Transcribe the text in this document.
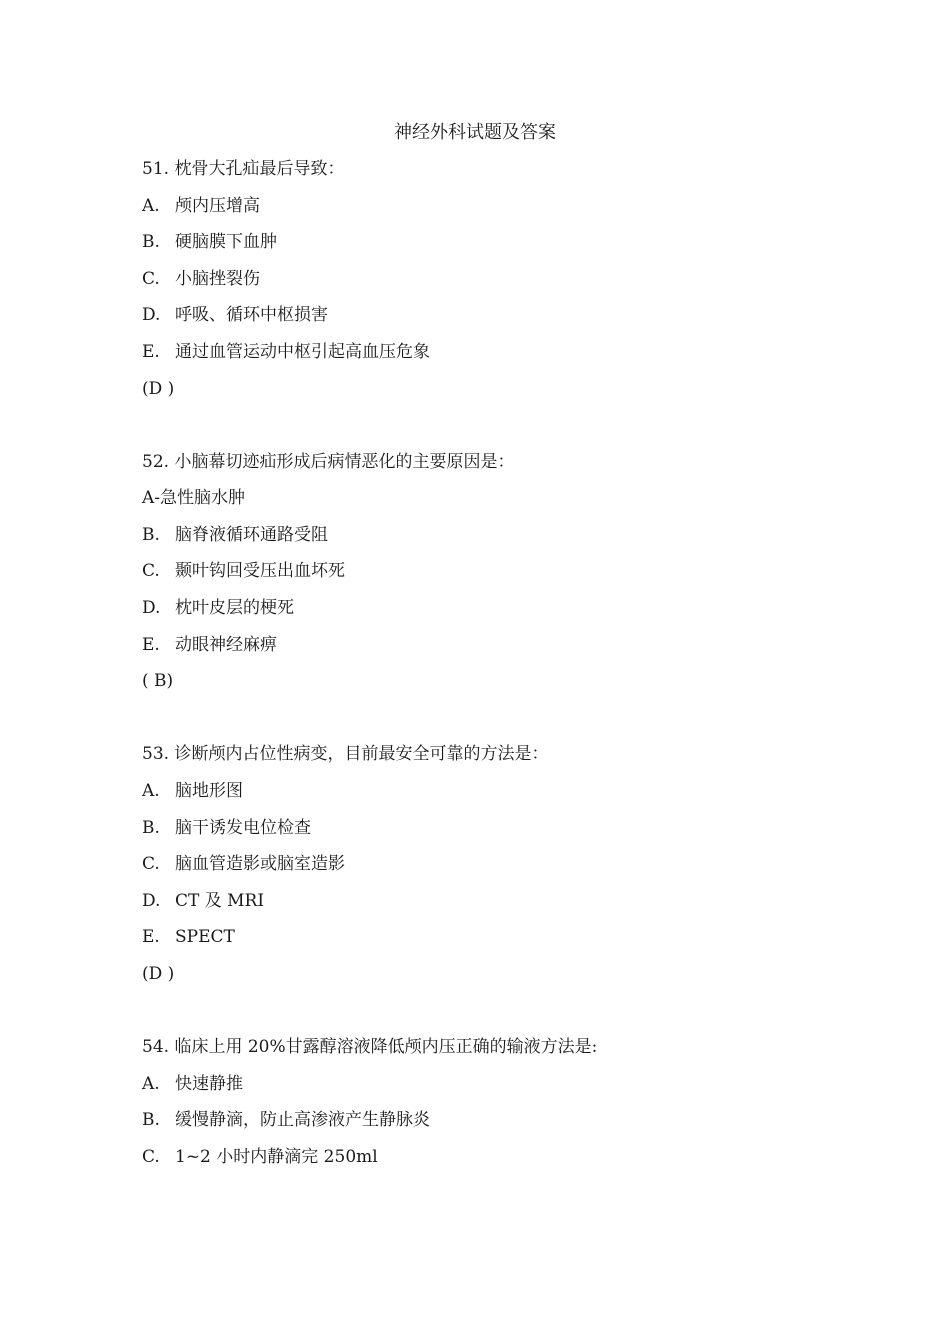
神经外科试题及答案
51. 枕骨大孔疝最后导致：
A. 颅内压增高
B. 硬脑膜下血肿
C. 小脑挫裂伤
D. 呼吸、循环中枢损害
E. 通过血管运动中枢引起高血压危象
(D )
52. 小脑幕切迹疝形成后病情恶化的主要原因是：
A-急性脑水肿
B. 脑脊液循环通路受阻
C. 颞叶钩回受压出血坏死
D. 枕叶皮层的梗死
E. 动眼神经麻痹
( B)
53. 诊断颅内占位性病变，目前最安全可靠的方法是：
A. 脑地形图
B. 脑干诱发电位检查
C. 脑血管造影或脑室造影
D. CT 及 MRI
E. SPECT
(D )
54. 临床上用 20%甘露醇溶液降低颅内压正确的输液方法是:
A. 快速静推
B. 缓慢静滴，防止高渗液产生静脉炎
C. 1~2 小时内静滴完 250ml
